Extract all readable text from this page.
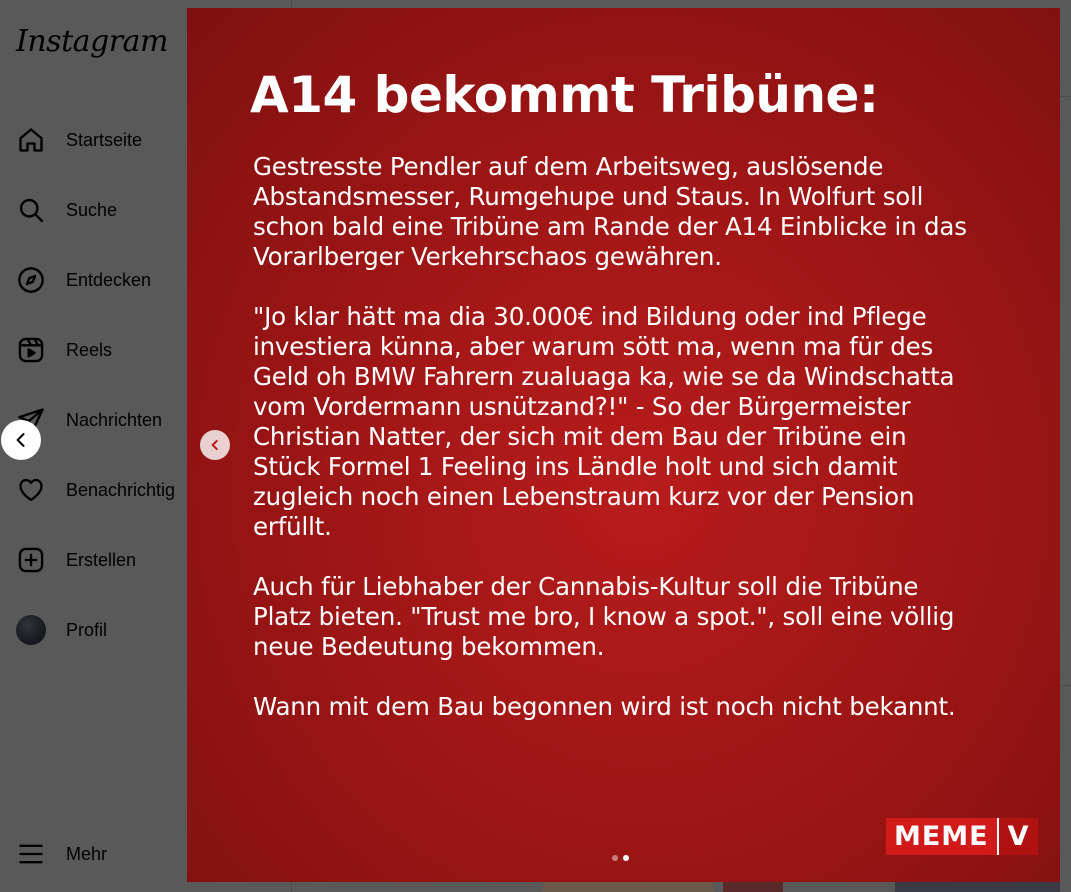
A14 bekommt Tribüne:

Gestresste Pendler auf dem Arbeitsweg, auslösende
Abstandsmesser, Rumgehupe und Staus. In Wolfurt soll
schon bald eine Tribüne am Rande der A14 Einblicke in das
Vorarlberger Verkehrschaos gewähren.

"Jo klar hätt ma dia 30.000€ ind Bildung oder ind Pflege
investiera künna, aber warum sött ma, wenn ma für des
Geld oh BMW Fahrern zualuaga ka, wie se da Windschatta
vom Vordermann usnützand?!" - So der Bürgermeister
Christian Natter, der sich mit dem Bau der Tribüne ein
Stück Formel 1 Feeling ins Ländle holt und sich damit
zugleich noch einen Lebenstraum kurz vor der Pension
erfüllt.

Auch für Liebhaber der Cannabis-Kultur soll die Tribüne
Platz bieten. "Trust me bro, I know a spot.", soll eine völlig
neue Bedeutung bekommen.

Wann mit dem Bau begonnen wird ist noch nicht bekannt.

MEME V
